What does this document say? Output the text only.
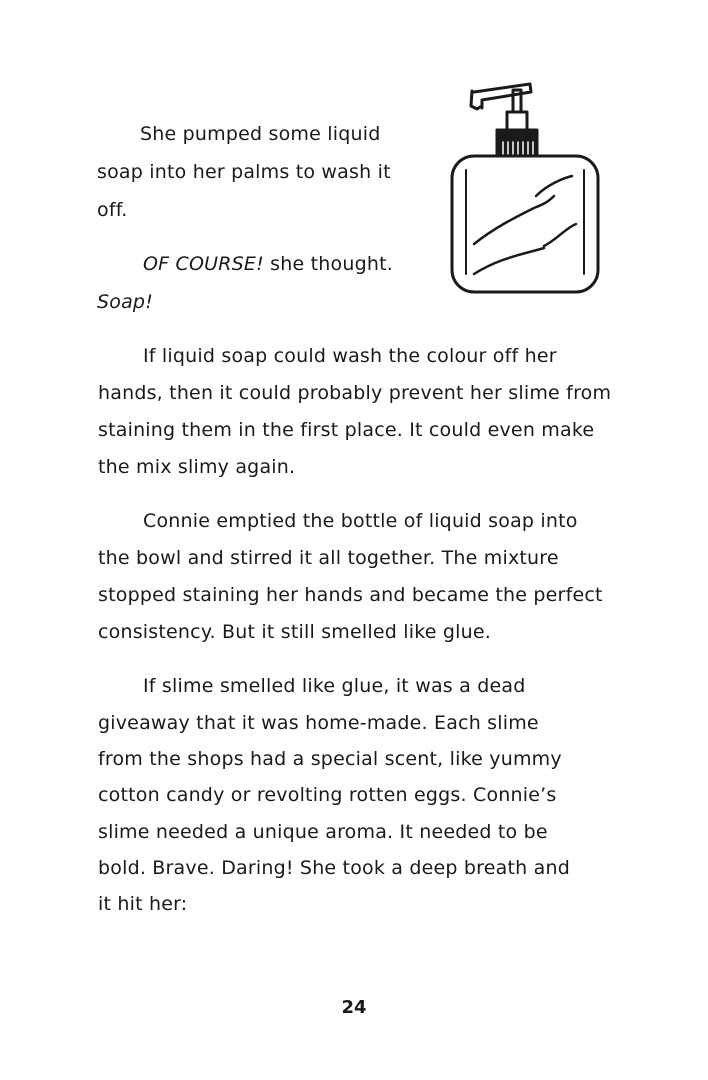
She pumped some liquid
soap into her palms to wash it
off.
OF COURSE! she thought.
Soap!
If liquid soap could wash the colour off her
hands, then it could probably prevent her slime from
staining them in the first place. It could even make
the mix slimy again.
Connie emptied the bottle of liquid soap into
the bowl and stirred it all together. The mixture
stopped staining her hands and became the perfect
consistency. But it still smelled like glue.
If slime smelled like glue, it was a dead
giveaway that it was home-made. Each slime
from the shops had a special scent, like yummy
cotton candy or revolting rotten eggs. Connie’s
slime needed a unique aroma. It needed to be
bold. Brave. Daring! She took a deep breath and
it hit her:
24
